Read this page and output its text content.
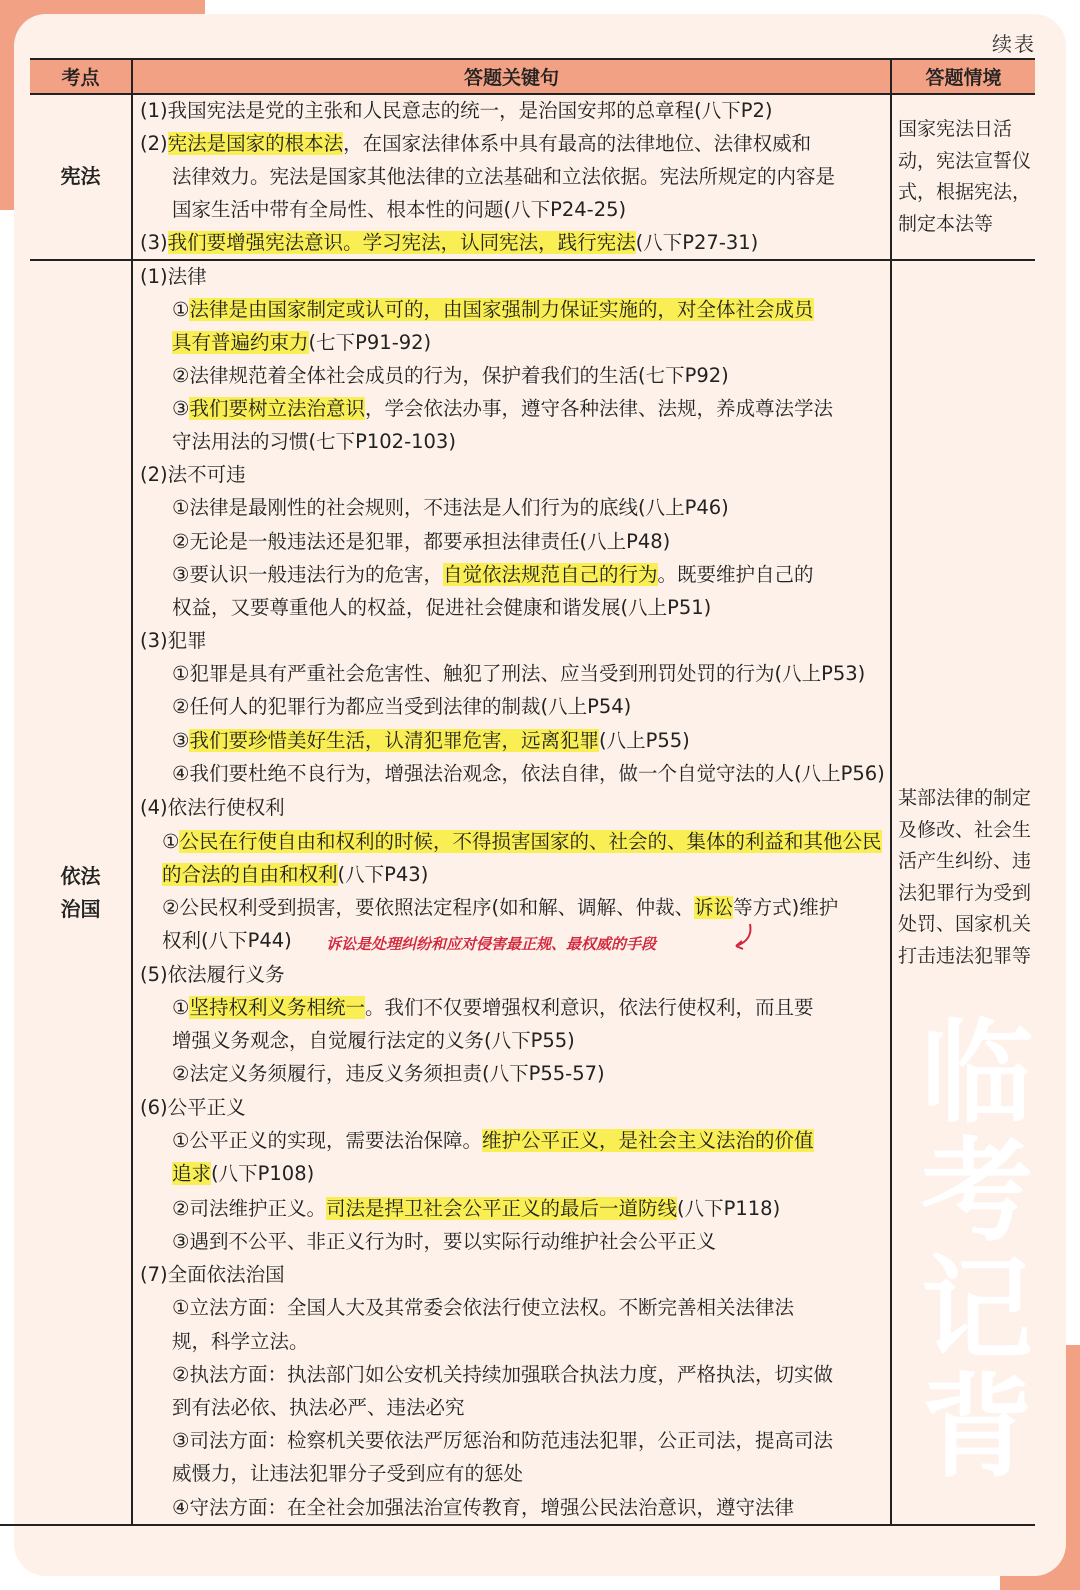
临考记背
续表
考点	答题关键句	答题情境
宪法
依法
治国
国家宪法日活动，宪法宣誓仪式，根据宪法，制定本法等
某部法律的制定及修改、社会生活产生纠纷、违法犯罪行为受到处罚、国家机关打击违法犯罪等
(1)我国宪法是党的主张和人民意志的统一，是治国安邦的总章程(八下P2)
(2)宪法是国家的根本法，在国家法律体系中具有最高的法律地位、法律权威和
法律效力。宪法是国家其他法律的立法基础和立法依据。宪法所规定的内容是
国家生活中带有全局性、根本性的问题(八下P24-25)
(3)我们要增强宪法意识。学习宪法，认同宪法，践行宪法(八下P27-31)
(1)法律
①法律是由国家制定或认可的，由国家强制力保证实施的，对全体社会成员
具有普遍约束力(七下P91-92)
②法律规范着全体社会成员的行为，保护着我们的生活(七下P92)
③我们要树立法治意识，学会依法办事，遵守各种法律、法规，养成尊法学法
守法用法的习惯(七下P102-103)
(2)法不可违
①法律是最刚性的社会规则，不违法是人们行为的底线(八上P46)
②无论是一般违法还是犯罪，都要承担法律责任(八上P48)
③要认识一般违法行为的危害，自觉依法规范自己的行为。既要维护自己的
权益，又要尊重他人的权益，促进社会健康和谐发展(八上P51)
(3)犯罪
①犯罪是具有严重社会危害性、触犯了刑法、应当受到刑罚处罚的行为(八上P53)
②任何人的犯罪行为都应当受到法律的制裁(八上P54)
③我们要珍惜美好生活，认清犯罪危害，远离犯罪(八上P55)
④我们要杜绝不良行为，增强法治观念，依法自律，做一个自觉守法的人(八上P56)
(4)依法行使权利
①公民在行使自由和权利的时候，不得损害国家的、社会的、集体的利益和其他公民
的合法的自由和权利(八下P43)
②公民权利受到损害，要依照法定程序(如和解、调解、仲裁、诉讼等方式)维护
权利(八下P44)
(5)依法履行义务
①坚持权利义务相统一。我们不仅要增强权利意识，依法行使权利，而且要
增强义务观念，自觉履行法定的义务(八下P55)
②法定义务须履行，违反义务须担责(八下P55-57)
(6)公平正义
①公平正义的实现，需要法治保障。维护公平正义，是社会主义法治的价值
追求(八下P108)
②司法维护正义。司法是捍卫社会公平正义的最后一道防线(八下P118)
③遇到不公平、非正义行为时，要以实际行动维护社会公平正义
(7)全面依法治国
①立法方面：全国人大及其常委会依法行使立法权。不断完善相关法律法
规，科学立法。
②执法方面：执法部门如公安机关持续加强联合执法力度，严格执法，切实做
到有法必依、执法必严、违法必究
③司法方面：检察机关要依法严厉惩治和防范违法犯罪，公正司法，提高司法
威慑力，让违法犯罪分子受到应有的惩处
④守法方面：在全社会加强法治宣传教育，增强公民法治意识，遵守法律
诉讼是处理纠纷和应对侵害最正规、最权威的手段
